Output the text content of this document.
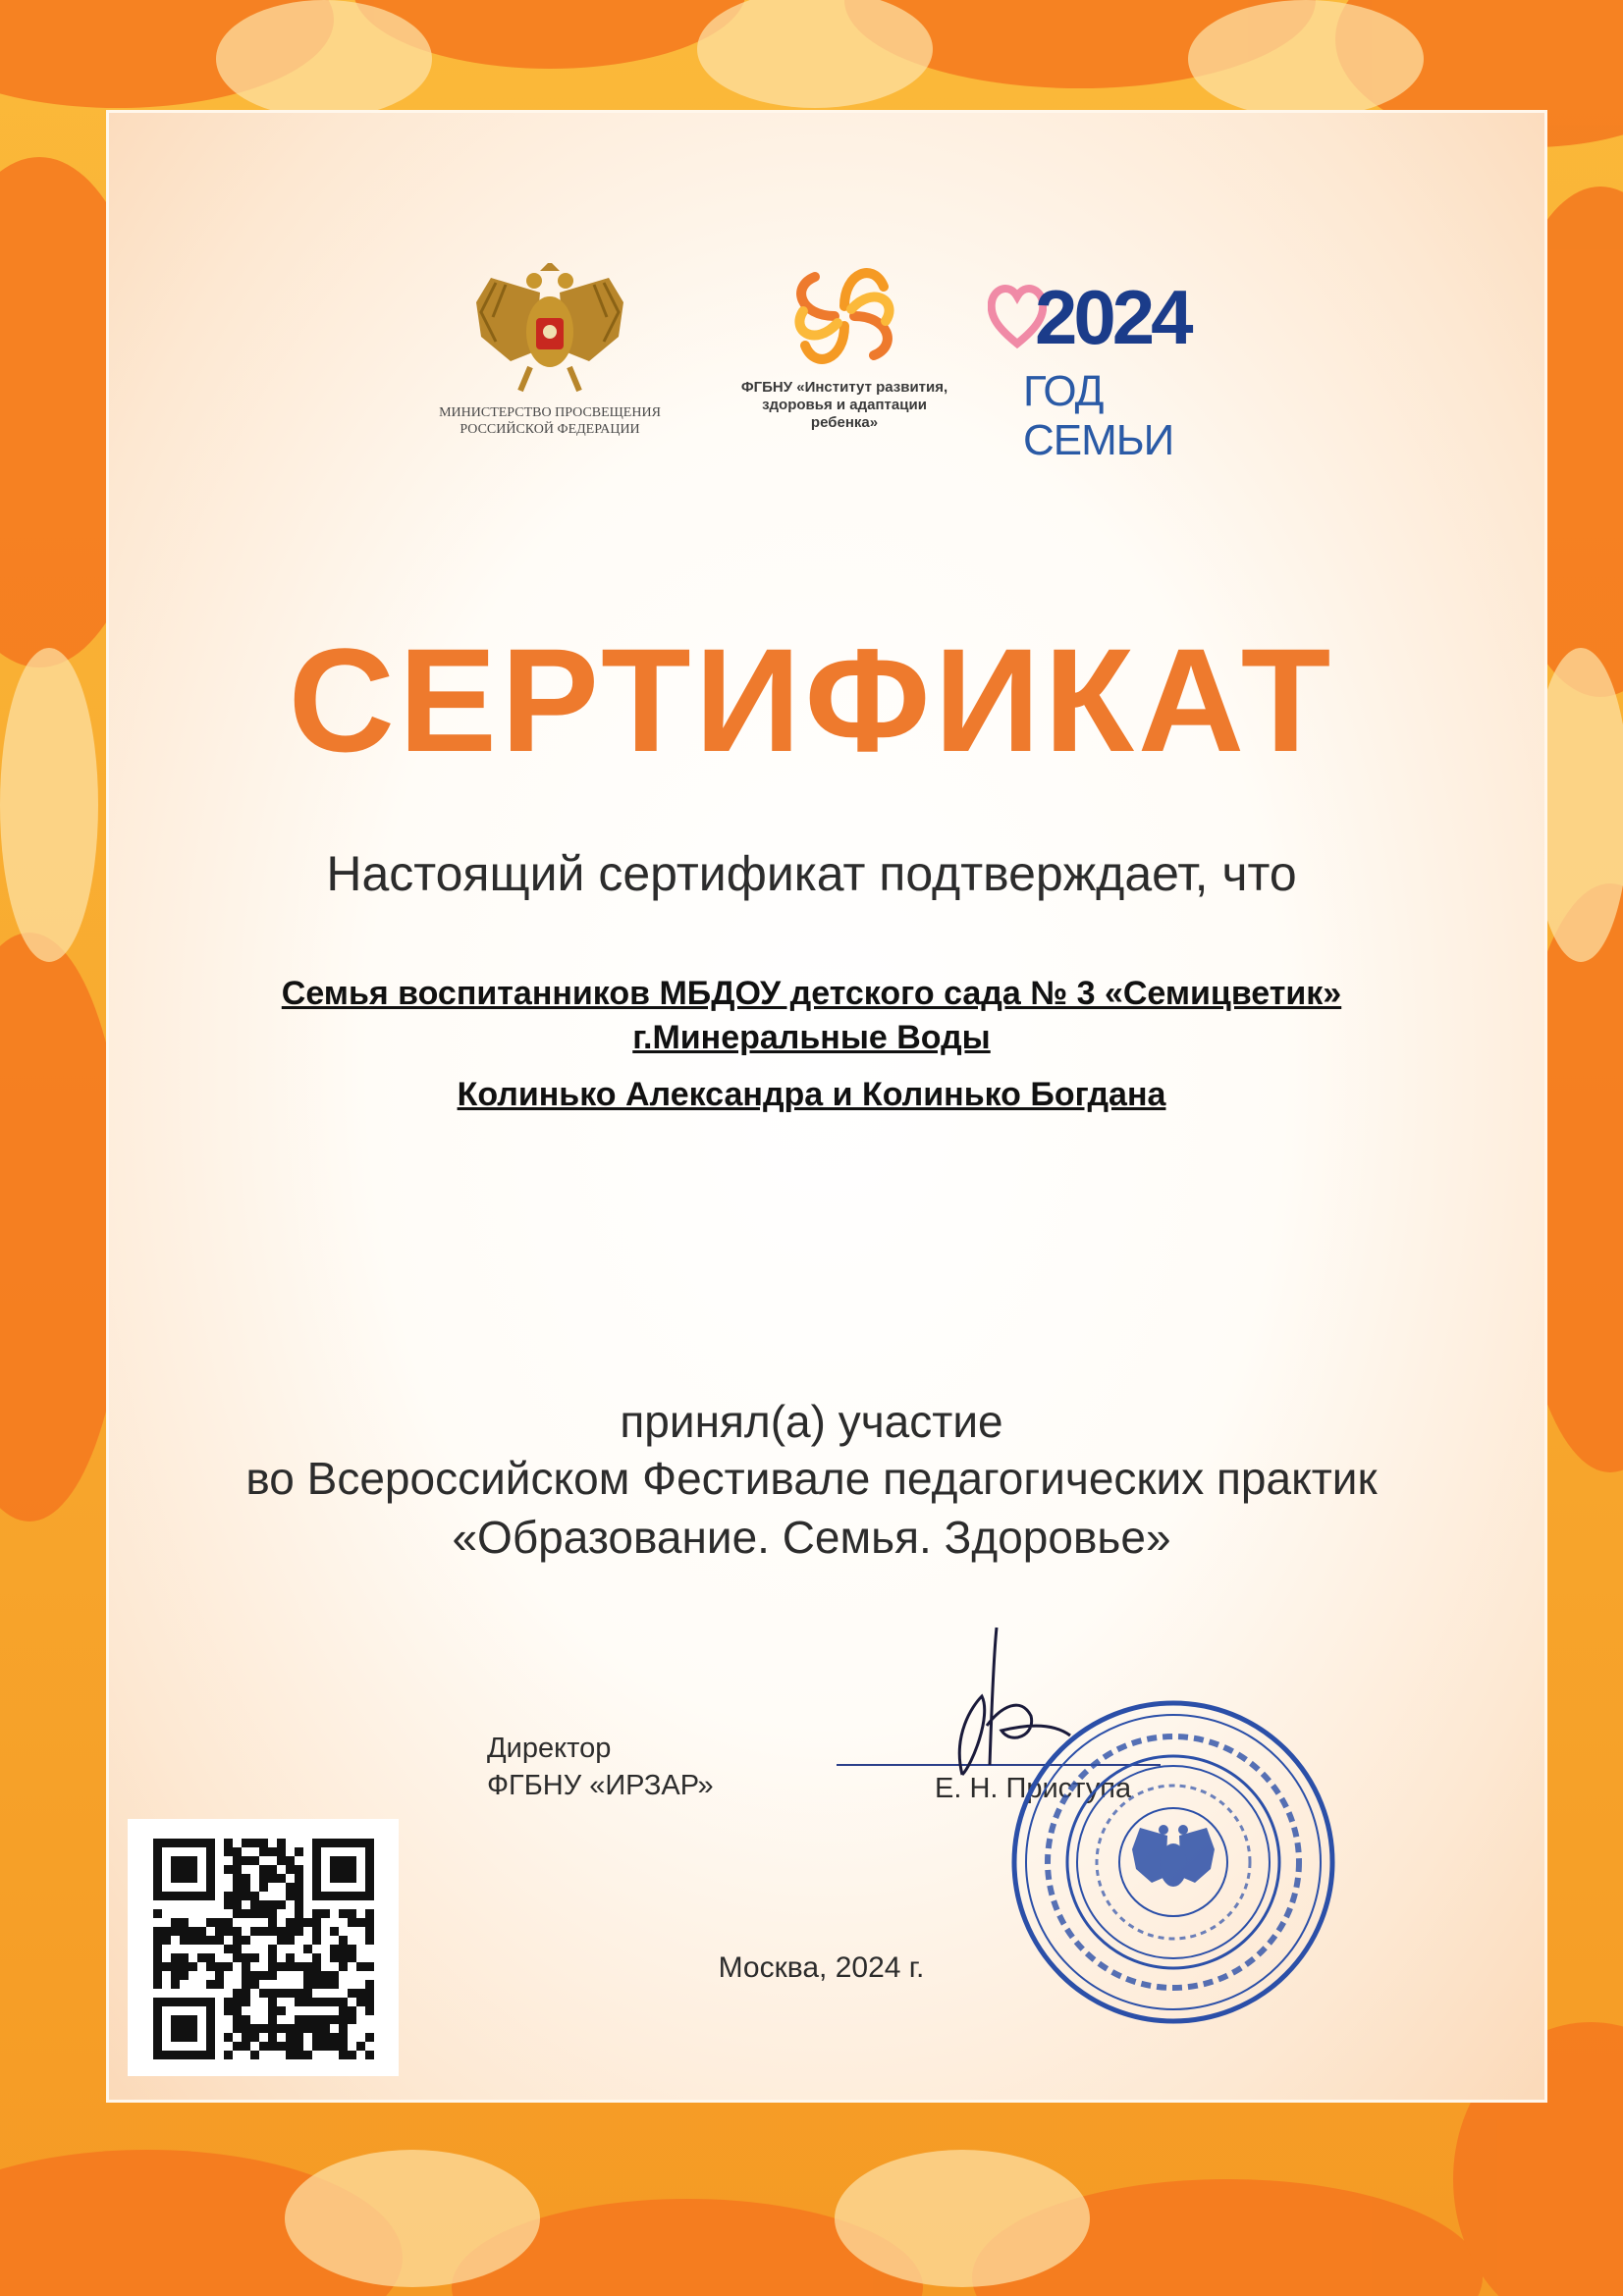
МИНИСТЕРСТВО ПРОСВЕЩЕНИЯ
РОССИЙСКОЙ ФЕДЕРАЦИИ
ФГБНУ «Институт развития,
здоровья и адаптации
ребенка»
2024
ГОД СЕМЬИ
СЕРТИФИКАТ
Настоящий сертификат подтверждает, что
Семья воспитанников МБДОУ детского сада № 3 «Семицветик»
г.Минеральные Воды
Колинько Александра и Колинько Богдана
принял(а) участие
во Всероссийском Фестивале педагогических практик
«Образование. Семья. Здоровье»
Директор
ФГБНУ «ИРЗАР»	Е. Н. Приступа
Москва, 2024 г.
